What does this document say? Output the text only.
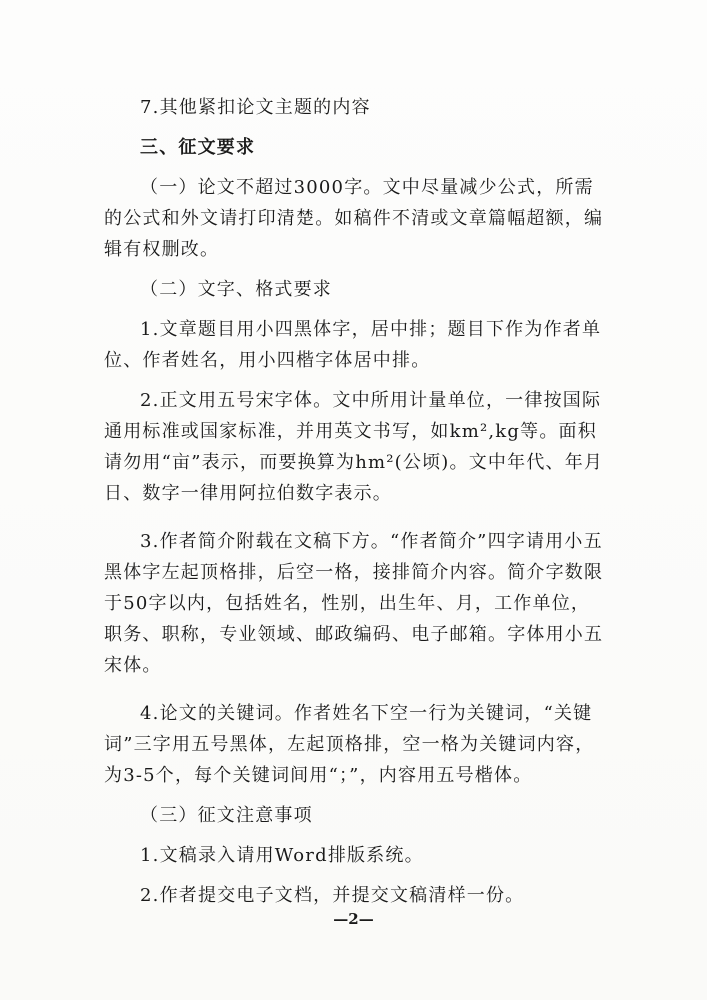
7.其他紧扣论文主题的内容

三、征文要求

（一）论文不超过3000字。文中尽量减少公式，所需的公式和外文请打印清楚。如稿件不清或文章篇幅超额，编辑有权删改。

（二）文字、格式要求

1.文章题目用小四黑体字，居中排；题目下作为作者单位、作者姓名，用小四楷字体居中排。

2.正文用五号宋字体。文中所用计量单位，一律按国际通用标准或国家标准，并用英文书写，如km²,kg等。面积请勿用“亩”表示，而要换算为hm²(公顷)。文中年代、年月日、数字一律用阿拉伯数字表示。

3.作者简介附载在文稿下方。“作者简介”四字请用小五黑体字左起顶格排，后空一格，接排简介内容。简介字数限于50字以内，包括姓名，性别，出生年、月，工作单位，职务、职称，专业领域、邮政编码、电子邮箱。字体用小五宋体。

4.论文的关键词。作者姓名下空一行为关键词，“关键词”三字用五号黑体，左起顶格排，空一格为关键词内容，为3-5个，每个关键词间用“；”，内容用五号楷体。

（三）征文注意事项

1.文稿录入请用Word排版系统。

2.作者提交电子文档，并提交文稿清样一份。

—2—
